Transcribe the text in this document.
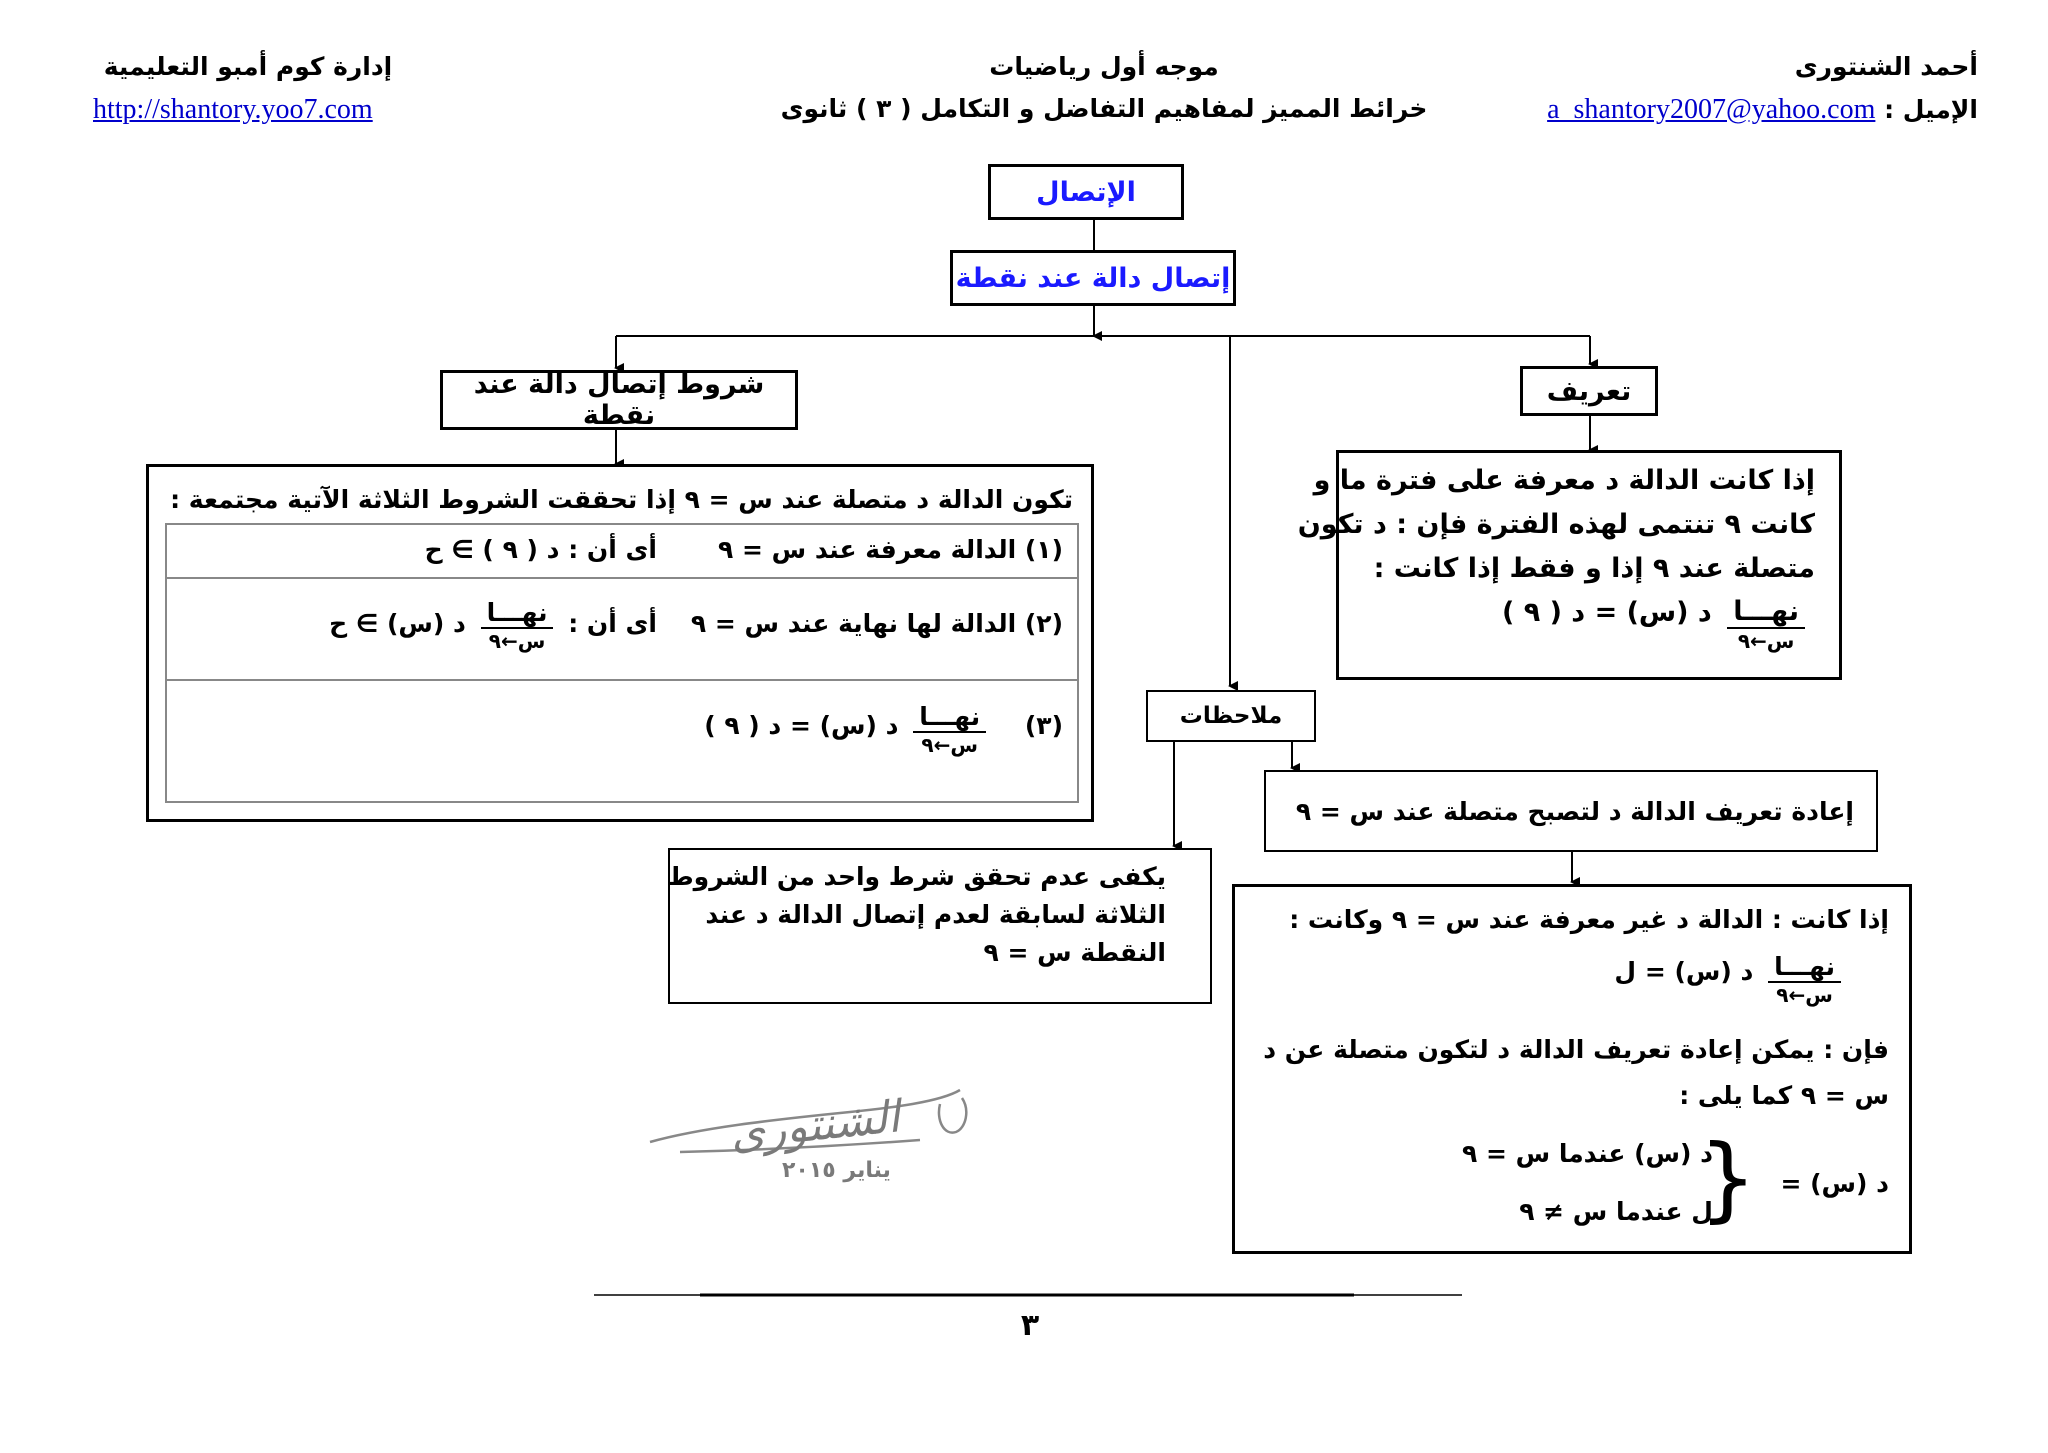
أحمد الشنتورى
الإميل : a_shantory2007@yahoo.com
موجه أول رياضيات
خرائط المميز لمفاهيم التفاضل و التكامل ( ٣ ) ثانوى
إدارة كوم أمبو التعليمية
http://shantory.yoo7.com
الإتصال
إتصال دالة عند نقطة
تعريف
إذا كانت الدالة د معرفة على فترة ما و
كانت ٩ تنتمى لهذه الفترة فإن : د تكون
متصلة عند ٩ إذا و فقط إذا كانت :
نهـــا
س←٩
د (س) = د ( ٩ )
شروط إتصال دالة عند نقطة
تكون الدالة د متصلة عند س = ٩ إذا تحققت الشروط الثلاثة الآتية مجتمعة :
(١) الدالة معرفة عند س = ٩
أى أن : د ( ٩ ) ∋ ح
(٢) الدالة لها نهاية عند س = ٩
أى أن :
نهـــا
س←٩
د (س) ∋ ح
(٣)
نهـــا
س←٩
د (س) = د ( ٩ )	ملاحظات
يكفى عدم تحقق شرط واحد من الشروط
الثلاثة لسابقة لعدم إتصال الدالة د عند
النقطة س = ٩
إعادة تعريف الدالة د لتصبح متصلة عند س = ٩
إذا كانت : الدالة د غير معرفة عند س = ٩ وكانت :
نهـــا
س←٩
د (س) = ل
فإن : يمكن إعادة تعريف الدالة د لتكون متصلة عن د
س = ٩ كما يلى :
د (س) =
{
د (س) عندما س = ٩
ل عندما س ≠ ٩
الشنتورى
يناير ٢٠١٥
٣
